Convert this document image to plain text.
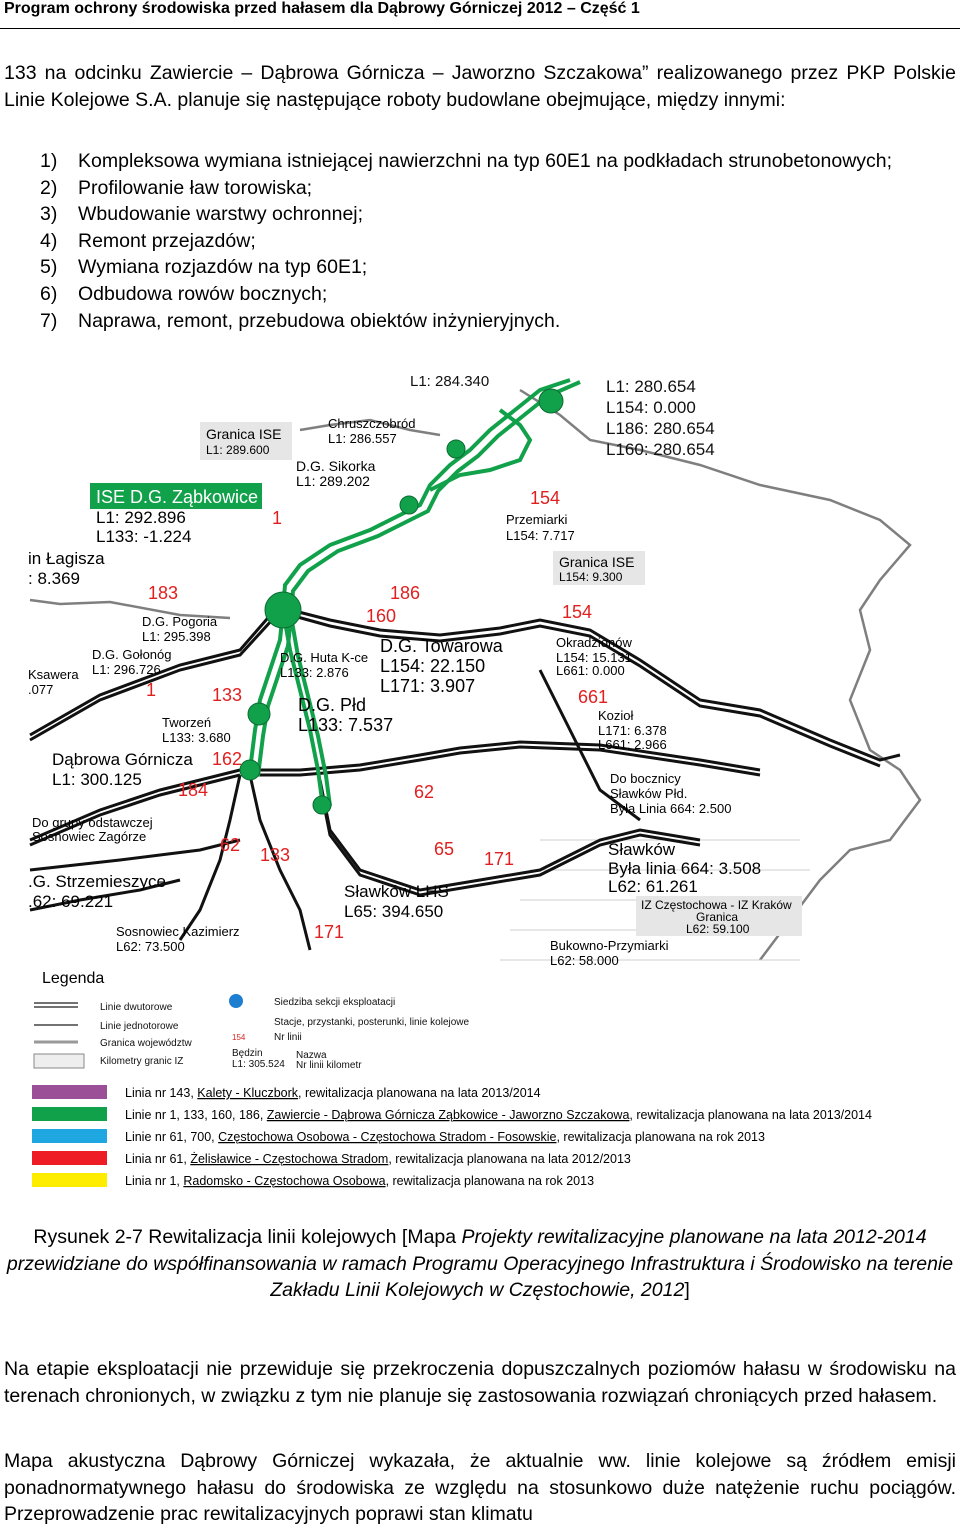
Program ochrony środowiska przed hałasem dla Dąbrowy Górniczej 2012 – Część 1
133 na odcinku Zawiercie – Dąbrowa Górnicza – Jaworzno Szczakowa” realizowanego przez PKP Polskie Linie Kolejowe S.A. planuje się następujące roboty budowlane obejmujące, między innymi:
1)	Kompleksowa wymiana istniejącej nawierzchni na typ 60E1 na podkładach strunobetonowych;
2)	Profilowanie ław torowiska;
3)	Wbudowanie warstwy ochronnej;
4)	Remont przejazdów;
5)	Wymiana rozjazdów na typ 60E1;
6)	Odbudowa rowów bocznych;
7)	Naprawa, remont, przebudowa obiektów inżynieryjnych.
L1: 284.340	L1: 280.654
L154: 0.000
L186: 280.654
L160: 280.654
Granica ISE
L1: 289.600
Chruszczobród
L1: 286.557
D.G. Sikorka
L1: 289.202
ISE D.G. Ząbkowice
L1: 292.896
L133: -1.224
in Łagisza
: 8.369
Przemiarki
L154: 7.717
Granica ISE
L154: 9.300
D.G. Pogoria
L1: 295.398
D.G. Gołonóg
L1: 296.726
Ksawera
.077
D.G. Huta K-ce
L133: 2.876
D.G. Towarowa
L154: 22.150
L171: 3.907
D.G. Płd
L133: 7.537
Okradzionów
L154: 15.131
L661: 0.000
Kozioł
L171: 6.378
L661: 2.966
Tworzeń
L133: 3.680
Dąbrowa Górnicza
L1: 300.125	Do bocznicy
Sławków Płd.
Była Linia 664: 2.500
Do grupy odstawczej
Sosnowiec Zagórze
.G. Strzemieszyce
.62: 69.221
Sławków LHS
L65: 394.650
Sławków
Była linia 664: 3.508
L62: 61.261
IZ Częstochowa - IZ Kraków
Granica
L62: 59.100
Sosnowiec Kazimierz
L62: 73.500	Bukowno-Przymiarki
L62: 58.000
1
154
183	186
160	154
1	133	661
162
184	62
62 133	65 171
171
Legenda
Linie dwutorowe
Linie jednotorowe
Granica województw
Kilometry granic IZ
Siedziba sekcji eksploatacji
Stacje, przystanki, posterunki, linie kolejowe
Nr linii
Nazwa
Nr linii kilometr
Będzin
L1: 305.524
154
Linia nr 143, Kalety - Kluczbork, rewitalizacja planowana na lata 2013/2014
Linie nr 1, 133, 160, 186, Zawiercie - Dąbrowa Górnicza Ząbkowice - Jaworzno Szczakowa, rewitalizacja planowana na lata 2013/2014
Linie nr 61, 700, Częstochowa Osobowa - Częstochowa Stradom - Fosowskie, rewitalizacja planowana na rok 2013
Linia nr 61, Żelisławice - Częstochowa Stradom, rewitalizacja planowana na lata 2012/2013
Linia nr 1, Radomsko - Częstochowa Osobowa, rewitalizacja planowana na rok 2013
Rysunek 2-7 Rewitalizacja linii kolejowych [Mapa Projekty rewitalizacyjne planowane na lata 2012-2014 przewidziane do współfinansowania w ramach Programu Operacyjnego Infrastruktura i Środowisko na terenie Zakładu Linii Kolejowych w Częstochowie, 2012]
Na etapie eksploatacji nie przewiduje się przekroczenia dopuszczalnych poziomów hałasu w środowisku na terenach chronionych, w związku z tym nie planuje się zastosowania rozwiązań chroniących przed hałasem.
Mapa akustyczna Dąbrowy Górniczej wykazała, że aktualnie ww. linie kolejowe są źródłem emisji ponadnormatywnego hałasu do środowiska ze względu na stosunkowo duże natężenie ruchu pociągów. Przeprowadzenie prac rewitalizacyjnych poprawi stan klimatu
